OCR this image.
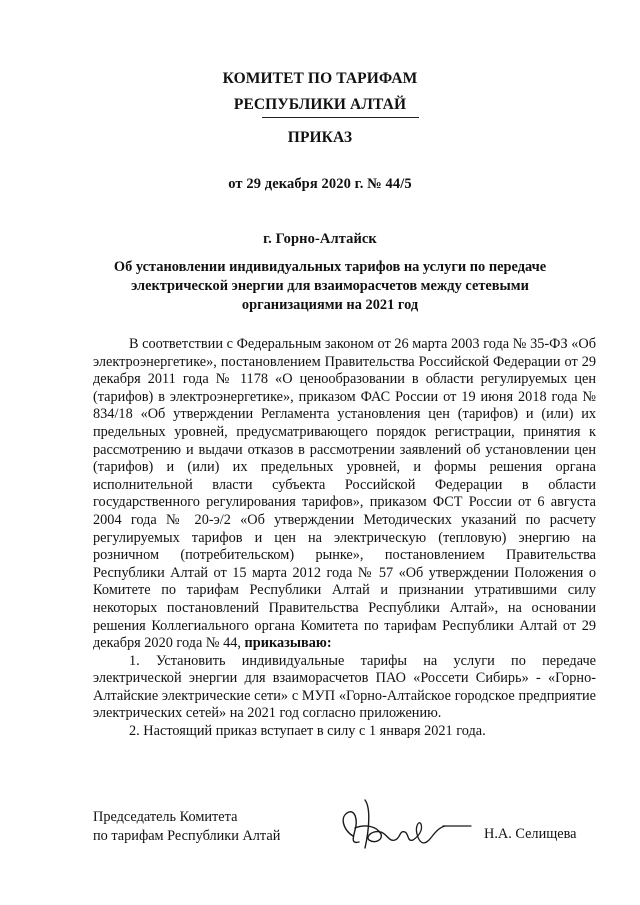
КОМИТЕТ ПО ТАРИФАМ
РЕСПУБЛИКИ АЛТАЙ
ПРИКАЗ
от 29 декабря 2020 г. № 44/5
г. Горно-Алтайск
Об установлении индивидуальных тарифов на услуги по передаче электрической энергии для взаиморасчетов между сетевыми организациями на 2021 год

В соответствии с Федеральным законом от 26 марта 2003 года № 35-ФЗ «Об электроэнергетике», постановлением Правительства Российской Федерации от 29 декабря 2011 года № 1178 «О ценообразовании в области регулируемых цен (тарифов) в электроэнергетике», приказом ФАС России от 19 июня 2018 года № 834/18 «Об утверждении Регламента установления цен (тарифов) и (или) их предельных уровней, предусматривающего порядок регистрации, принятия к рассмотрению и выдачи отказов в рассмотрении заявлений об установлении цен (тарифов) и (или) их предельных уровней, и формы решения органа исполнительной власти субъекта Российской Федерации в области государственного регулирования тарифов», приказом ФСТ России от 6 августа 2004 года № 20-э/2 «Об утверждении Методических указаний по расчету регулируемых тарифов и цен на электрическую (тепловую) энергию на розничном (потребительском) рынке», постановлением Правительства Республики Алтай от 15 марта 2012 года № 57 «Об утверждении Положения о Комитете по тарифам Республики Алтай и признании утратившими силу некоторых постановлений Правительства Республики Алтай», на основании решения Коллегиального органа Комитета по тарифам Республики Алтай от 29 декабря 2020 года № 44, приказываю:

1. Установить индивидуальные тарифы на услуги по передаче электрической энергии для взаиморасчетов ПАО «Россети Сибирь» - «Горно-Алтайские электрические сети» с МУП «Горно-Алтайское городское предприятие электрических сетей» на 2021 год согласно приложению.

2. Настоящий приказ вступает в силу с 1 января 2021 года.

Председатель Комитета
по тарифам Республики Алтай	Н.А. Селищева
